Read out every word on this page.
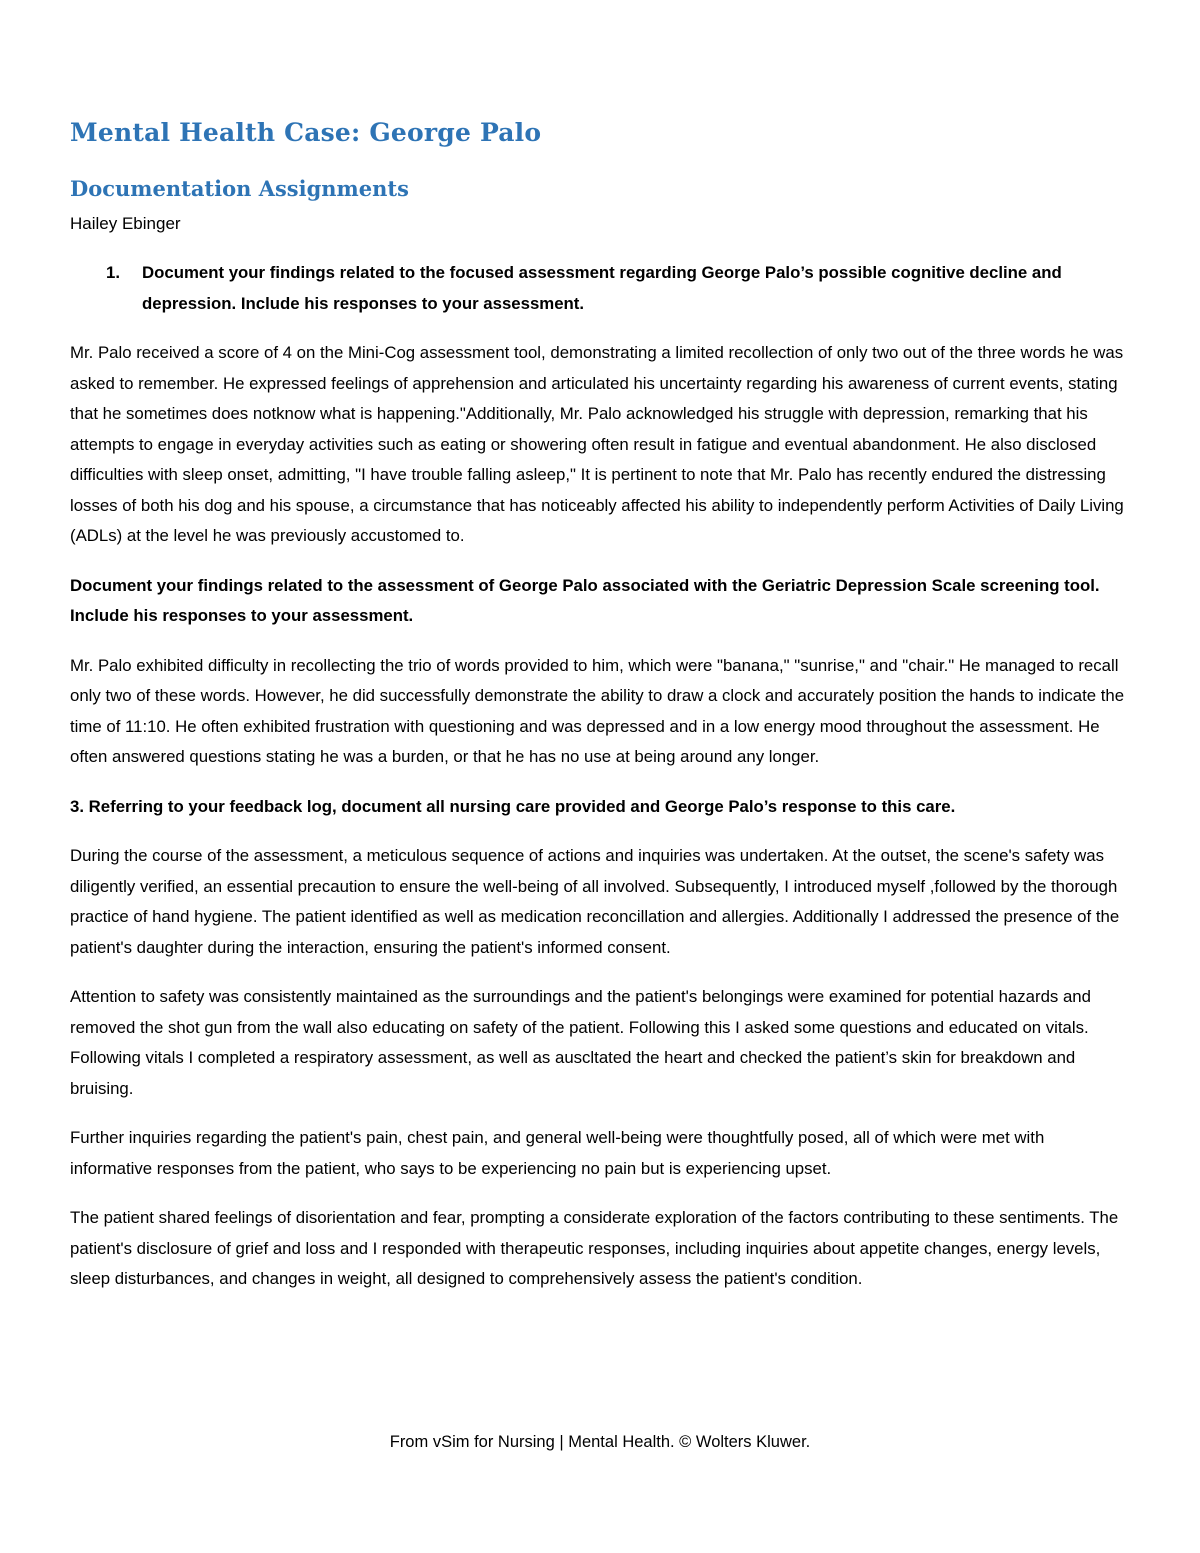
Mental Health Case: George Palo
Documentation Assignments

Hailey Ebinger

1. Document your findings related to the focused assessment regarding George Palo’s possible cognitive decline and depression. Include his responses to your assessment.

Mr. Palo received a score of 4 on the Mini-Cog assessment tool, demonstrating a limited recollection of only two out of the three words he was asked to remember. He expressed feelings of apprehension and articulated his uncertainty regarding his awareness of current events, stating that he sometimes does notknow what is happening."Additionally, Mr. Palo acknowledged his struggle with depression, remarking that his attempts to engage in everyday activities such as eating or showering often result in fatigue and eventual abandonment. He also disclosed difficulties with sleep onset, admitting, "I have trouble falling asleep," It is pertinent to note that Mr. Palo has recently endured the distressing losses of both his dog and his spouse, a circumstance that has noticeably affected his ability to independently perform Activities of Daily Living (ADLs) at the level he was previously accustomed to.

Document your findings related to the assessment of George Palo associated with the Geriatric Depression Scale screening tool. Include his responses to your assessment.

Mr. Palo exhibited difficulty in recollecting the trio of words provided to him, which were "banana," "sunrise," and "chair." He managed to recall only two of these words. However, he did successfully demonstrate the ability to draw a clock and accurately position the hands to indicate the time of 11:10. He often exhibited frustration with questioning and was depressed and in a low energy mood throughout the assessment. He often answered questions stating he was a burden, or that he has no use at being around any longer.

3. Referring to your feedback log, document all nursing care provided and George Palo’s response to this care.

During the course of the assessment, a meticulous sequence of actions and inquiries was undertaken. At the outset, the scene's safety was diligently verified, an essential precaution to ensure the well-being of all involved. Subsequently, I introduced myself ,followed by the thorough practice of hand hygiene. The patient identified as well as medication reconcillation and allergies. Additionally I addressed the presence of the patient's daughter during the interaction, ensuring the patient's informed consent.

Attention to safety was consistently maintained as the surroundings and the patient's belongings were examined for potential hazards and removed the shot gun from the wall also educating on safety of the patient. Following this I asked some questions and educated on vitals. Following vitals I completed a respiratory assessment, as well as auscltated the heart and checked the patient’s skin for breakdown and bruising.

Further inquiries regarding the patient's pain, chest pain, and general well-being were thoughtfully posed, all of which were met with informative responses from the patient, who says to be experiencing no pain but is experiencing upset.

The patient shared feelings of disorientation and fear, prompting a considerate exploration of the factors contributing to these sentiments. The patient's disclosure of grief and loss and I responded with therapeutic responses, including inquiries about appetite changes, energy levels, sleep disturbances, and changes in weight, all designed to comprehensively assess the patient's condition.

From vSim for Nursing | Mental Health. © Wolters Kluwer.
